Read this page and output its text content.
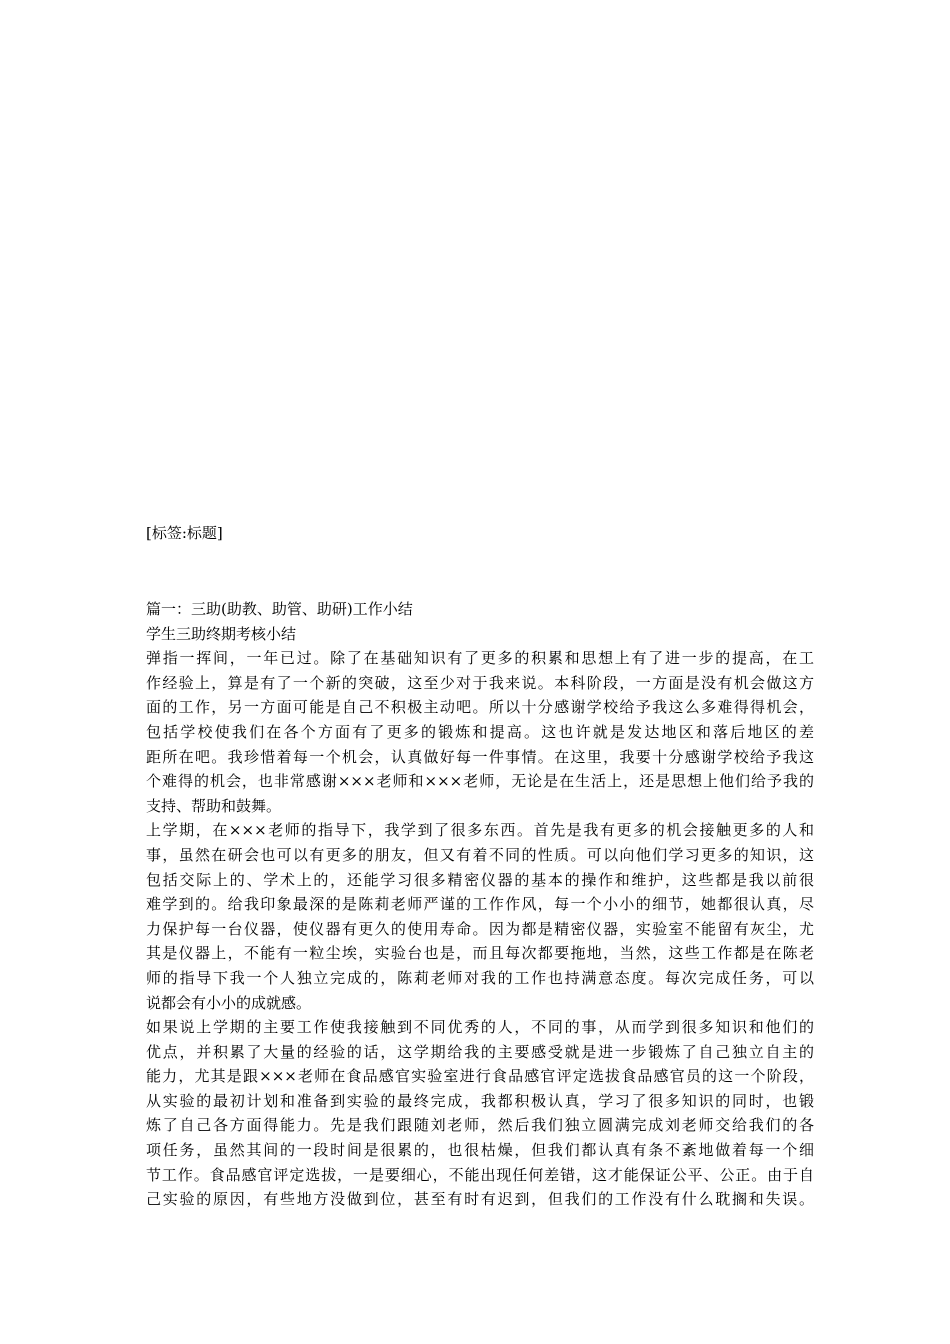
[标签:标题]
篇一：三助(助教、助管、助研)工作小结
学生三助终期考核小结
弹指一挥间，一年已过。除了在基础知识有了更多的积累和思想上有了进一步的提高，在工
作经验上，算是有了一个新的突破，这至少对于我来说。本科阶段，一方面是没有机会做这方
面的工作，另一方面可能是自己不积极主动吧。所以十分感谢学校给予我这么多难得得机会，
包括学校使我们在各个方面有了更多的锻炼和提高。这也许就是发达地区和落后地区的差
距所在吧。我珍惜着每一个机会，认真做好每一件事情。在这里，我要十分感谢学校给予我这
个难得的机会，也非常感谢×××老师和×××老师，无论是在生活上，还是思想上他们给予我的
支持、帮助和鼓舞。
上学期，在×××老师的指导下，我学到了很多东西。首先是我有更多的机会接触更多的人和
事，虽然在研会也可以有更多的朋友，但又有着不同的性质。可以向他们学习更多的知识，这
包括交际上的、学术上的，还能学习很多精密仪器的基本的操作和维护，这些都是我以前很
难学到的。给我印象最深的是陈莉老师严谨的工作作风，每一个小小的细节，她都很认真，尽
力保护每一台仪器，使仪器有更久的使用寿命。因为都是精密仪器，实验室不能留有灰尘，尤
其是仪器上，不能有一粒尘埃，实验台也是，而且每次都要拖地，当然，这些工作都是在陈老
师的指导下我一个人独立完成的，陈莉老师对我的工作也持满意态度。每次完成任务，可以
说都会有小小的成就感。
如果说上学期的主要工作使我接触到不同优秀的人，不同的事，从而学到很多知识和他们的
优点，并积累了大量的经验的话，这学期给我的主要感受就是进一步锻炼了自己独立自主的
能力，尤其是跟×××老师在食品感官实验室进行食品感官评定选拔食品感官员的这一个阶段，
从实验的最初计划和准备到实验的最终完成，我都积极认真，学习了很多知识的同时，也锻
炼了自己各方面得能力。先是我们跟随刘老师，然后我们独立圆满完成刘老师交给我们的各
项任务，虽然其间的一段时间是很累的，也很枯燥，但我们都认真有条不紊地做着每一个细
节工作。食品感官评定选拔，一是要细心，不能出现任何差错，这才能保证公平、公正。由于自
己实验的原因，有些地方没做到位，甚至有时有迟到，但我们的工作没有什么耽搁和失误。
